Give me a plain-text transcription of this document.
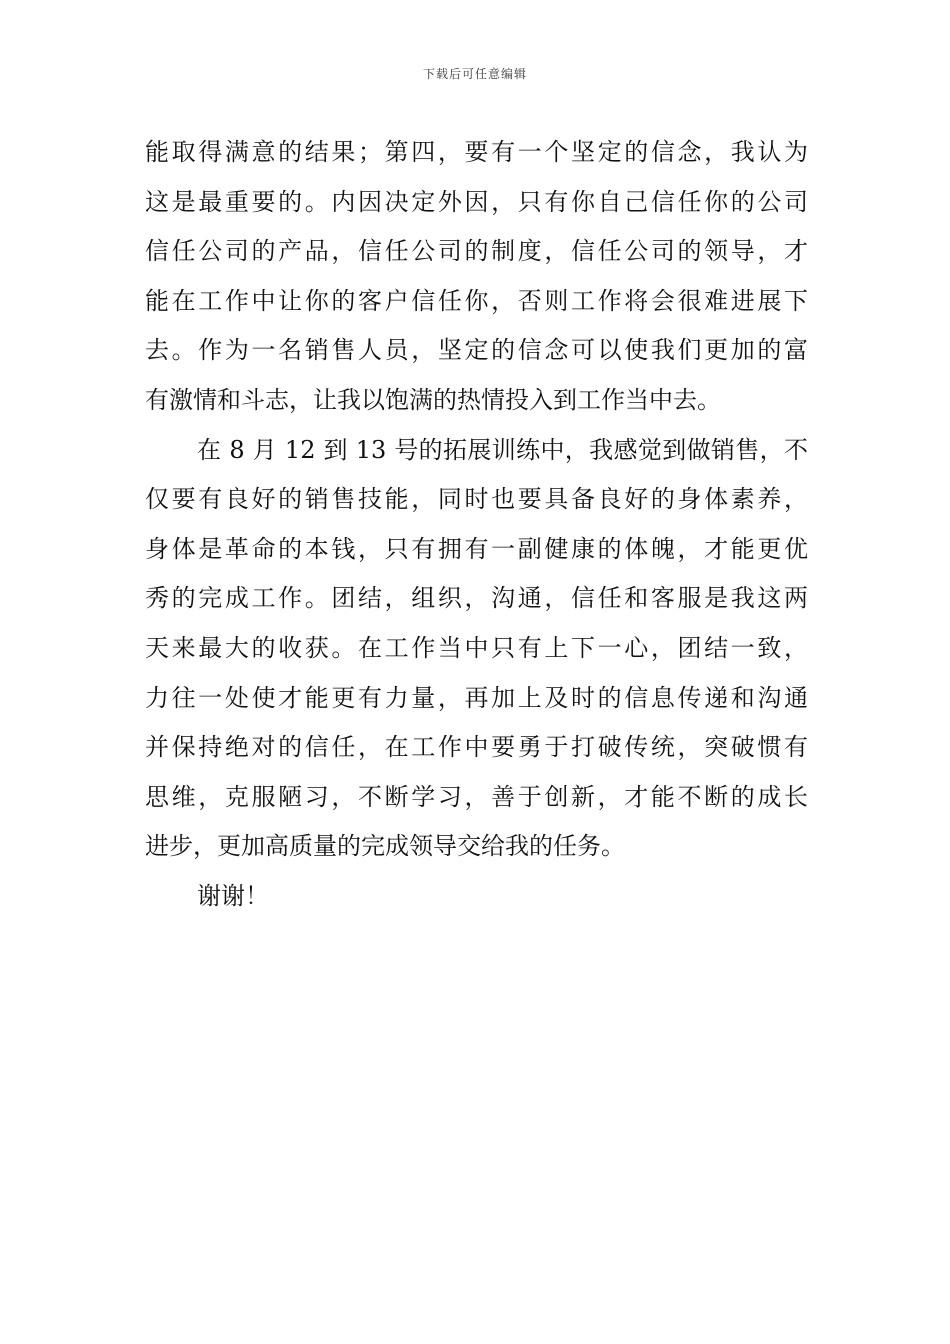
下载后可任意编辑
能取得满意的结果；第四，要有一个坚定的信念，我认为
这是最重要的。内因决定外因，只有你自己信任你的公司
信任公司的产品，信任公司的制度，信任公司的领导，才
能在工作中让你的客户信任你，否则工作将会很难进展下
去。作为一名销售人员，坚定的信念可以使我们更加的富
有激情和斗志，让我以饱满的热情投入到工作当中去。
在 8 月 12 到 13 号的拓展训练中，我感觉到做销售，不
仅要有良好的销售技能，同时也要具备良好的身体素养，
身体是革命的本钱，只有拥有一副健康的体魄，才能更优
秀的完成工作。团结，组织，沟通，信任和客服是我这两
天来最大的收获。在工作当中只有上下一心，团结一致，
力往一处使才能更有力量，再加上及时的信息传递和沟通
并保持绝对的信任，在工作中要勇于打破传统，突破惯有
思维，克服陋习，不断学习，善于创新，才能不断的成长
进步，更加高质量的完成领导交给我的任务。
谢谢！
